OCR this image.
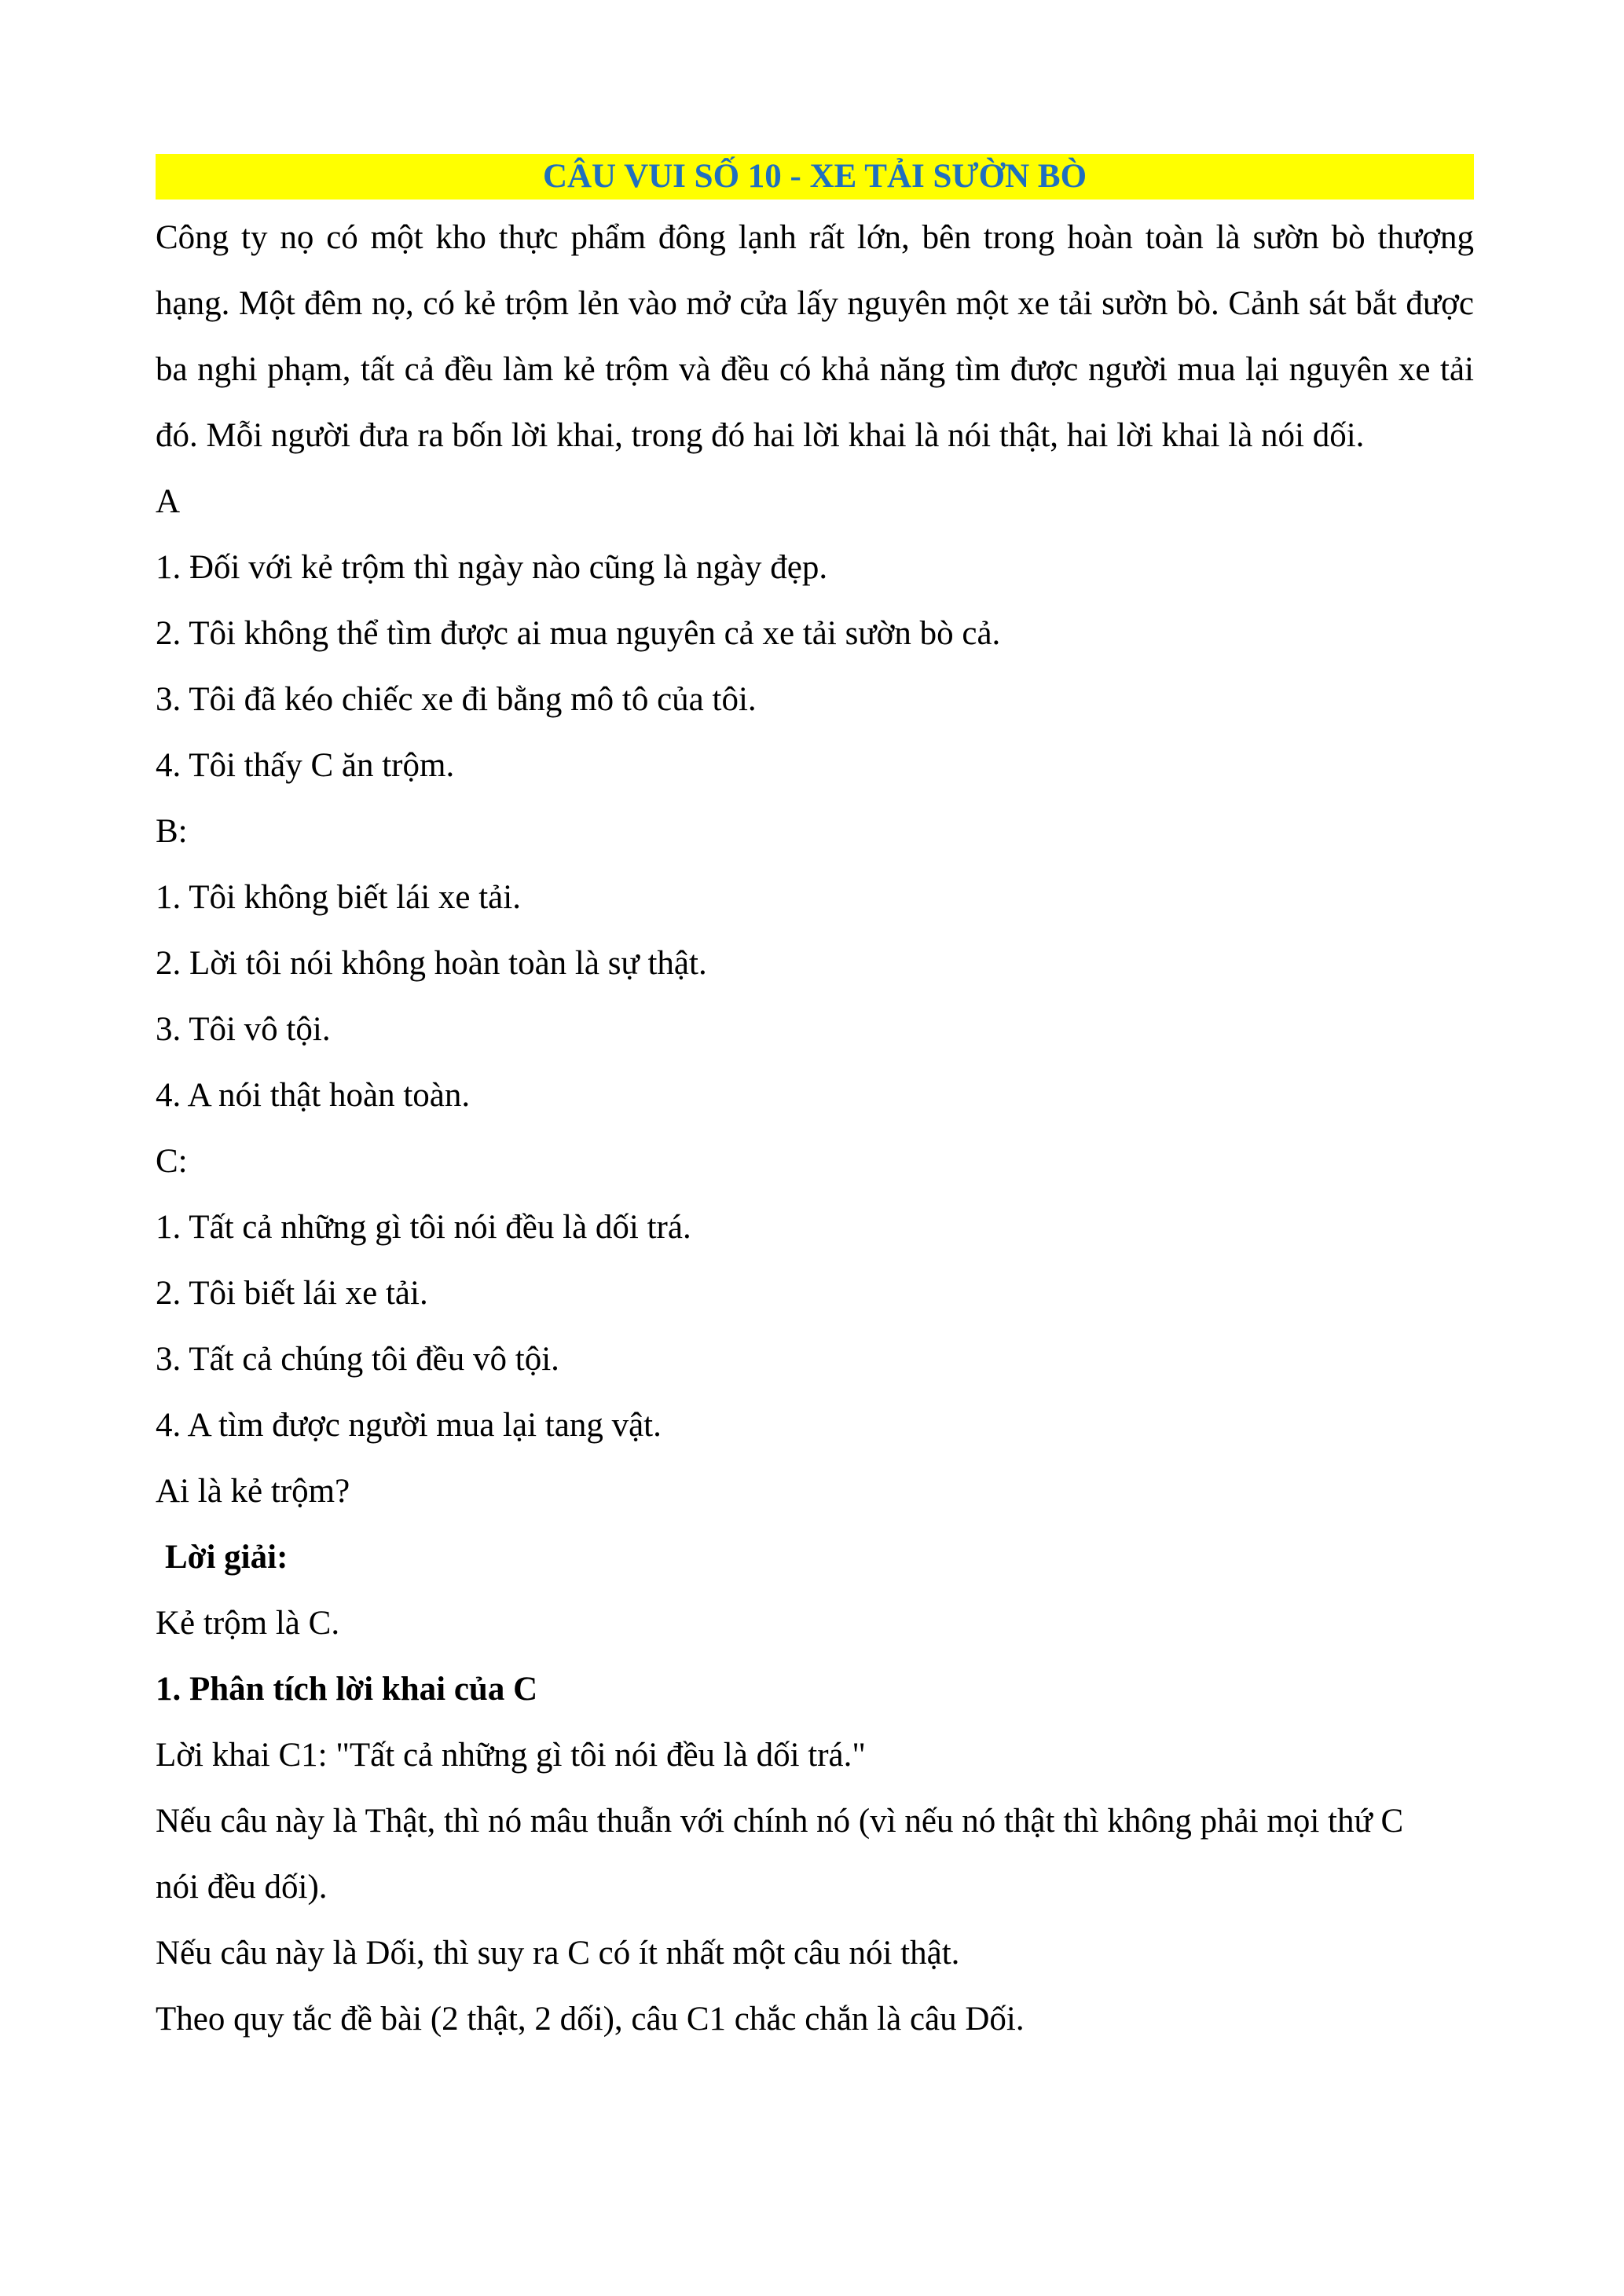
CÂU VUI SỐ 10 - XE TẢI SƯỜN BÒ

Công ty nọ có một kho thực phẩm đông lạnh rất lớn, bên trong hoàn toàn là sườn bò thượng hạng. Một đêm nọ, có kẻ trộm lẻn vào mở cửa lấy nguyên một xe tải sườn bò. Cảnh sát bắt được ba nghi phạm, tất cả đều làm kẻ trộm và đều có khả năng tìm được người mua lại nguyên xe tải đó. Mỗi người đưa ra bốn lời khai, trong đó hai lời khai là nói thật, hai lời khai là nói dối.

A

1. Đối với kẻ trộm thì ngày nào cũng là ngày đẹp.

2. Tôi không thể tìm được ai mua nguyên cả xe tải sườn bò cả.

3. Tôi đã kéo chiếc xe đi bằng mô tô của tôi.

4. Tôi thấy C ăn trộm.

B:

1. Tôi không biết lái xe tải.

2. Lời tôi nói không hoàn toàn là sự thật.

3. Tôi vô tội.

4. A nói thật hoàn toàn.

C:

1. Tất cả những gì tôi nói đều là dối trá.

2. Tôi biết lái xe tải.

3. Tất cả chúng tôi đều vô tội.

4. A tìm được người mua lại tang vật.

Ai là kẻ trộm?

Lời giải:

Kẻ trộm là C.

1. Phân tích lời khai của C

Lời khai C1: "Tất cả những gì tôi nói đều là dối trá."

Nếu câu này là Thật, thì nó mâu thuẫn với chính nó (vì nếu nó thật thì không phải mọi thứ C nói đều dối).

Nếu câu này là Dối, thì suy ra C có ít nhất một câu nói thật.

Theo quy tắc đề bài (2 thật, 2 dối), câu C1 chắc chắn là câu Dối.
